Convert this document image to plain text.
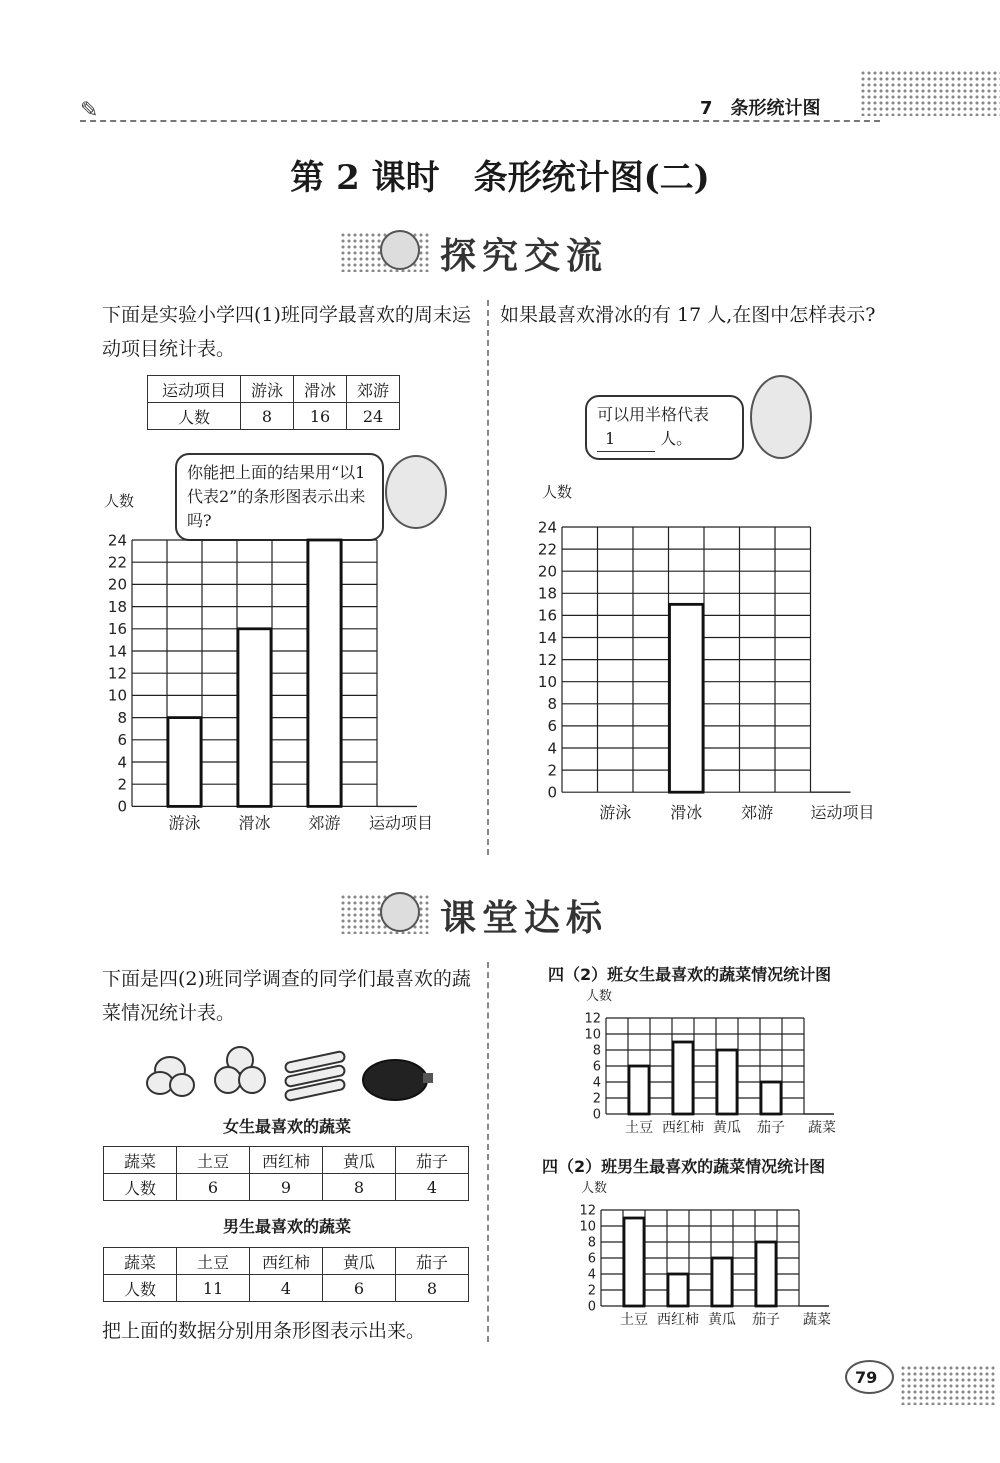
✎	7　条形统计图
第 2 课时　条形统计图(二)
探究交流
下面是实验小学四(1)班同学最喜欢的周末运动项目统计表。
运动项目	游泳	滑冰	郊游
人数	8	16	24
你能把上面的结果用“以1代表2”的条形图表示出来吗?
0
2
4
6
8
10
12
14
16
18
20
22
24
人数
游泳 滑冰 郊游 运动项目
如果最喜欢滑冰的有 17 人,在图中怎样表示?
可以用半格代表
1	人。
0
2
4
6
8
10
12
14
16
18
20
22
24
人数
游泳 滑冰 郊游 运动项目
课堂达标
下面是四(2)班同学调查的同学们最喜欢的蔬菜情况统计表。
女生最喜欢的蔬菜
蔬菜	土豆	西红柿	黄瓜	茄子
人数	6	9	8	4
男生最喜欢的蔬菜
蔬菜	土豆	西红柿	黄瓜	茄子
人数	11	4	6	8
把上面的数据分别用条形图表示出来。
四（2）班女生最喜欢的蔬菜情况统计图
0
2
4
6
8
10
12
人数
土豆 西红柿 黄瓜 茄子 蔬菜
四（2）班男生最喜欢的蔬菜情况统计图
0
2
4
6
8
10
12
人数
土豆 西红柿 黄瓜 茄子 蔬菜
79
